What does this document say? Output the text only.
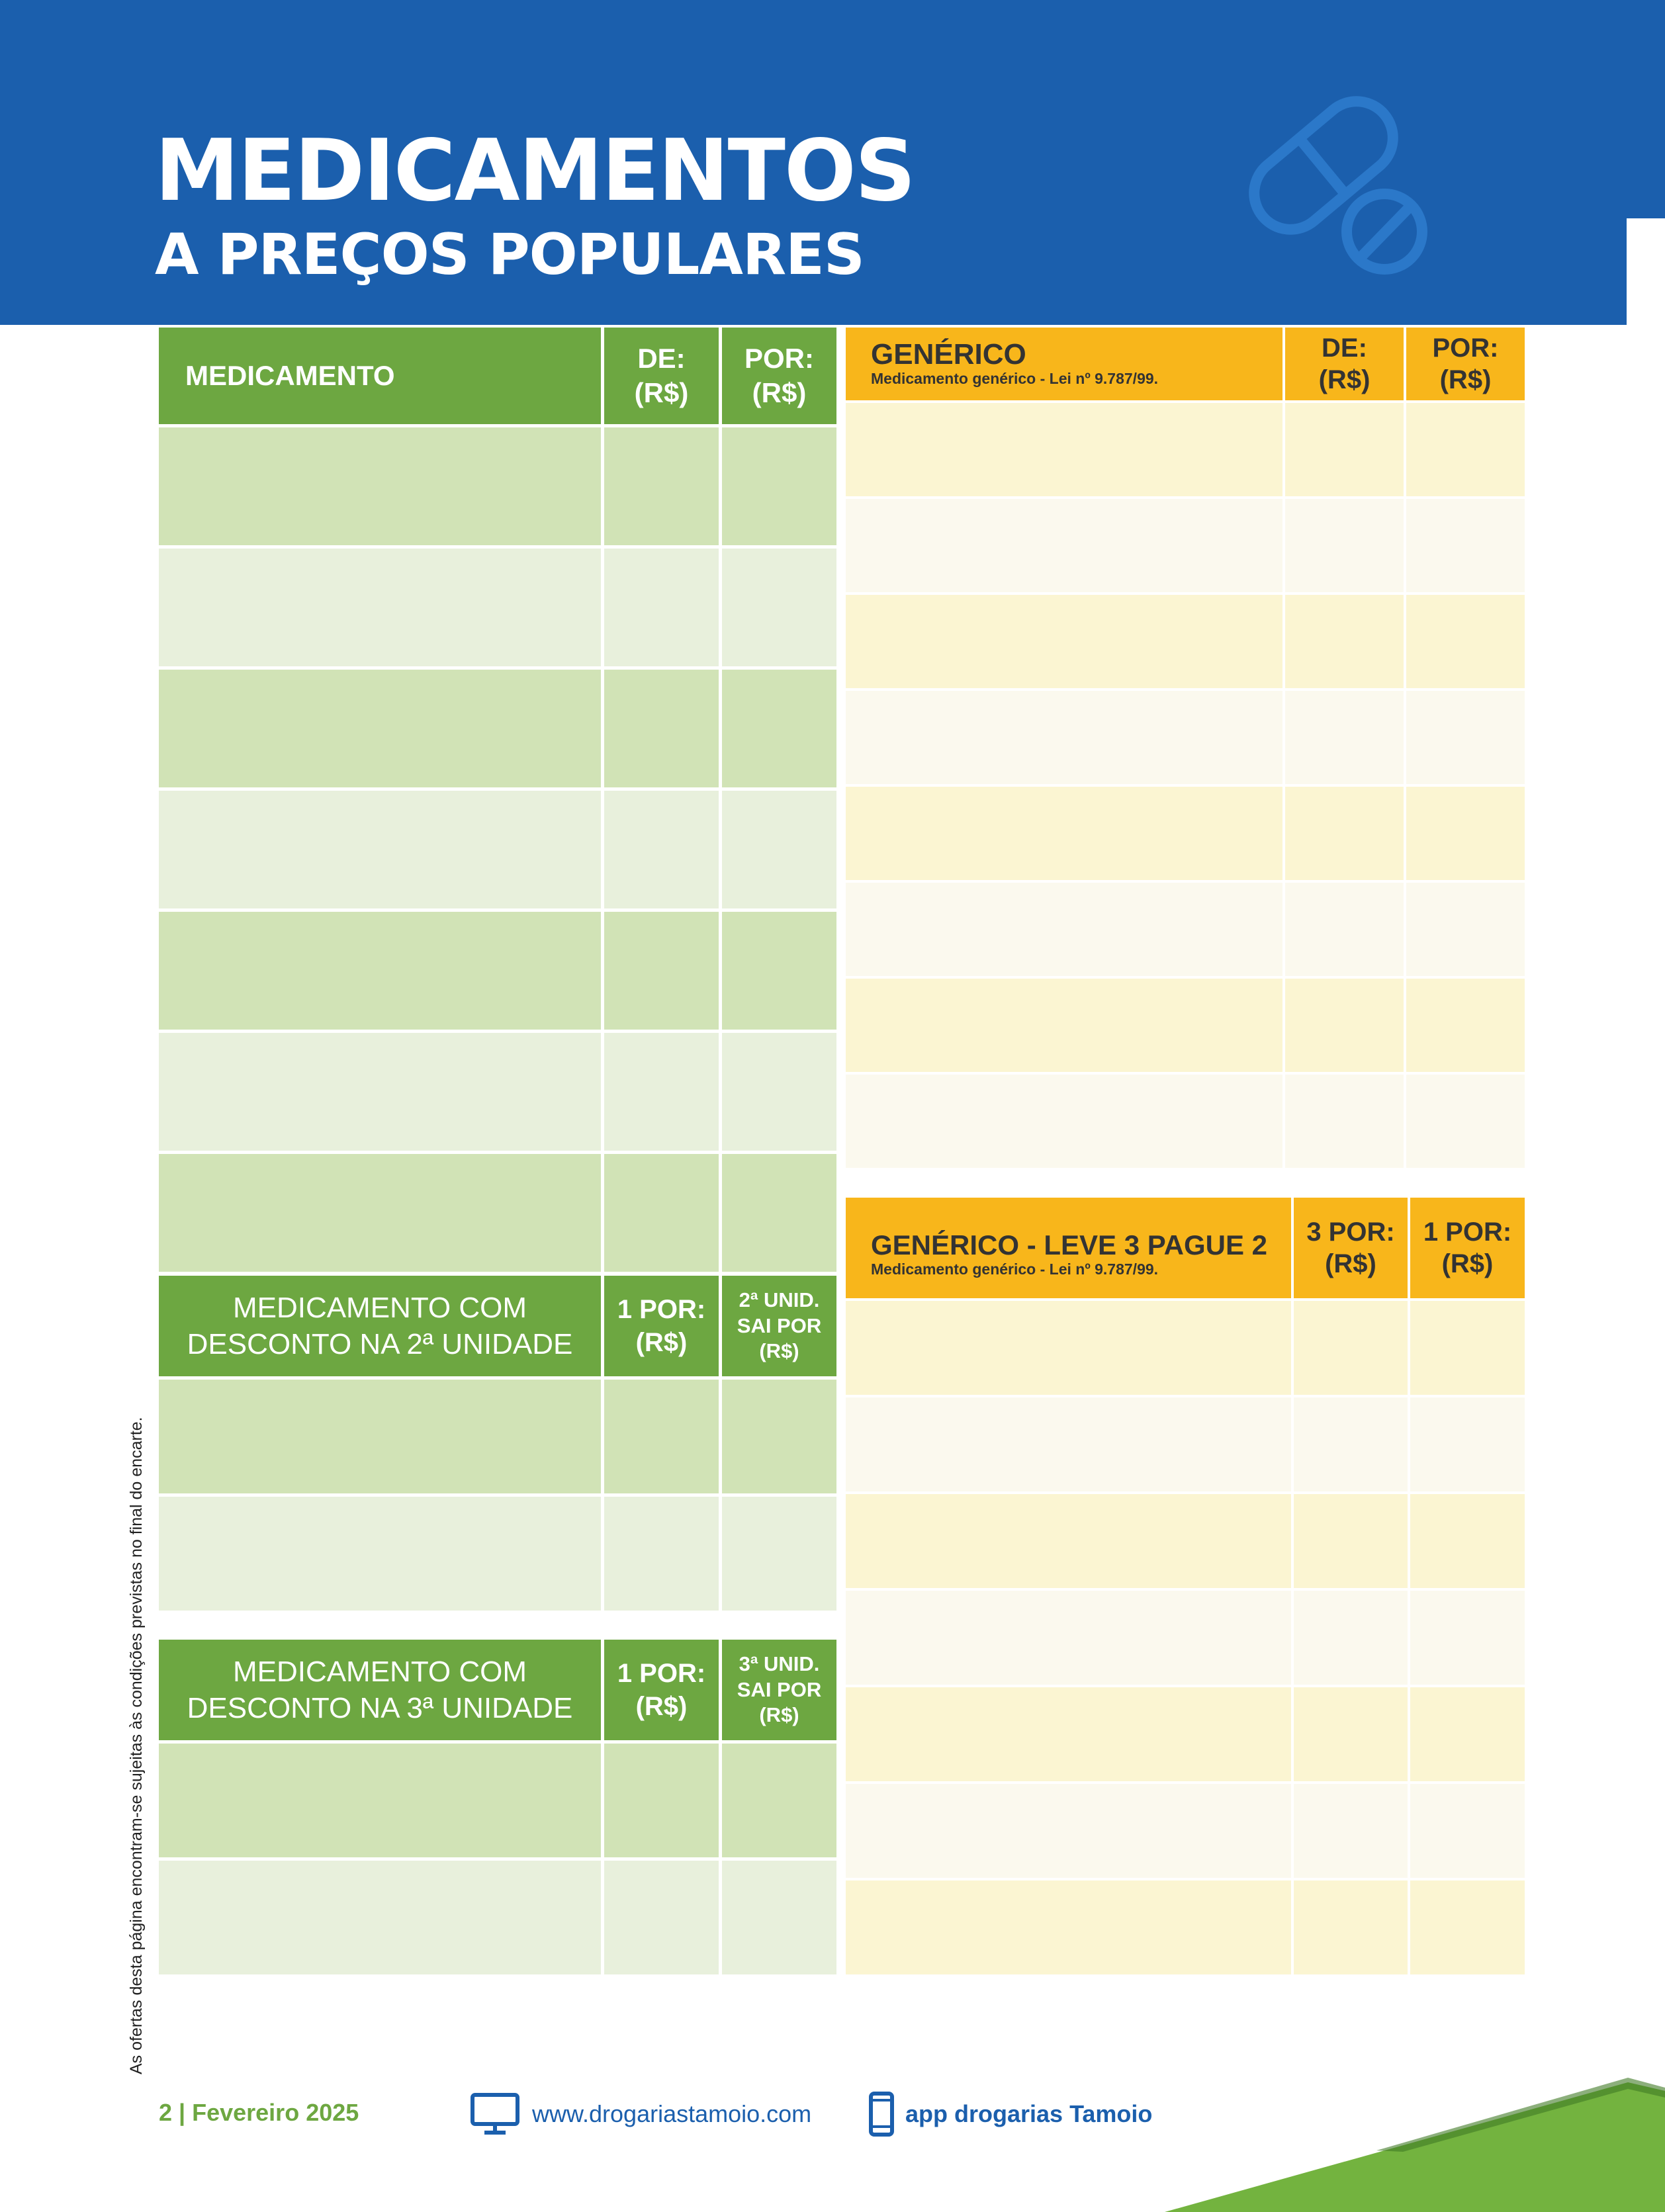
MEDICAMENTOS
A PREÇOS POPULARES
MEDICAMENTO
DE:
(R$)
POR:
(R$)
MEDICAMENTO COM
DESCONTO NA 2ª UNIDADE
1 POR:
(R$)
2ª UNID.
SAI POR
(R$)
MEDICAMENTO COM
DESCONTO NA 3ª UNIDADE
1 POR:
(R$)
3ª UNID.
SAI POR
(R$)
GENÉRICO
Medicamento genérico - Lei nº 9.787/99.
DE:
(R$)
POR:
(R$)
GENÉRICO - LEVE 3 PAGUE 2
Medicamento genérico - Lei nº 9.787/99.
3 POR:
(R$)
1 POR:
(R$)
As ofertas desta página encontram-se sujeitas às condições previstas no final do encarte.
2 | Fevereiro 2025	www.drogariastamoio.com	app drogarias Tamoio
